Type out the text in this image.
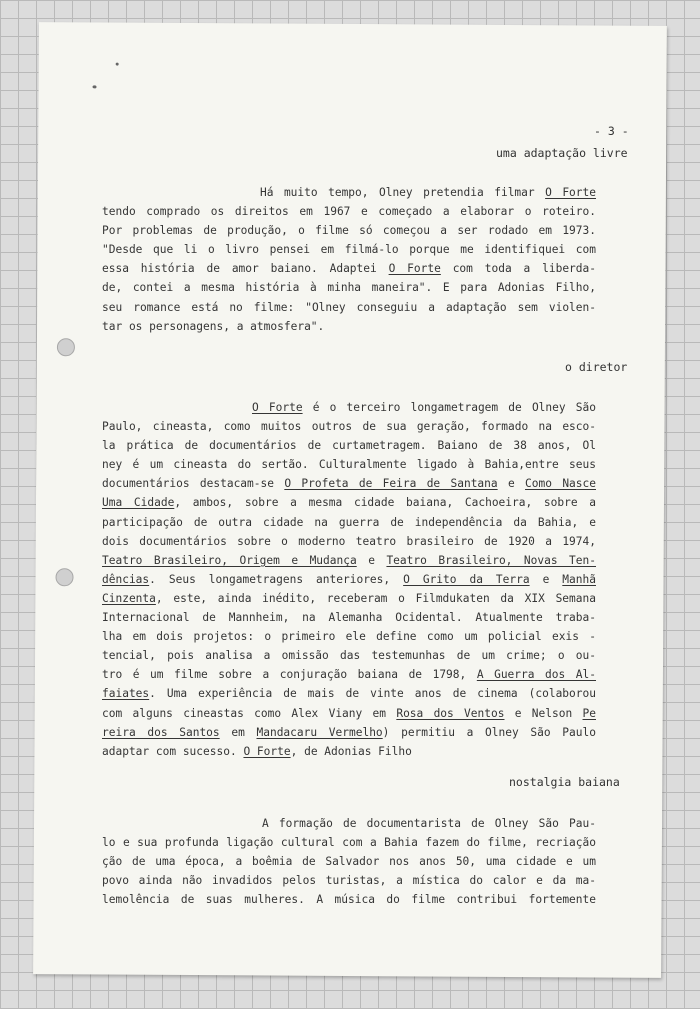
- 3 -
uma adaptação livre
Há muito tempo, Olney pretendia filmar O Forte
tendo comprado os direitos em 1967 e começado a elaborar o roteiro.
Por problemas de produção, o filme só começou a ser rodado em 1973.
"Desde que li o livro pensei em filmá-lo porque me identifiquei com
essa história de amor baiano. Adaptei O Forte com toda a liberda-
de, contei a mesma história à minha maneira". E para Adonias Filho,
seu romance está no filme: "Olney conseguiu a adaptação sem violen-
tar os personagens, a atmosfera".
o diretor
O Forte é o terceiro longametragem de Olney São
Paulo, cineasta, como muitos outros de sua geração, formado na esco-
la prática de documentários de curtametragem. Baiano de 38 anos, Ol
ney é um cineasta do sertão. Culturalmente ligado à Bahia,entre seus
documentários destacam-se O Profeta de Feira de Santana e Como Nasce
Uma Cidade, ambos, sobre a mesma cidade baiana, Cachoeira, sobre a
participação de outra cidade na guerra de independência da Bahia, e
dois documentários sobre o moderno teatro brasileiro de 1920 a 1974,
Teatro Brasileiro, Origem e Mudança e Teatro Brasileiro, Novas Ten-
dências. Seus longametragens anteriores, O Grito da Terra e Manhã
Cinzenta, este, ainda inédito, receberam o Filmdukaten da XIX Semana
Internacional de Mannheim, na Alemanha Ocidental. Atualmente traba-
lha em dois projetos: o primeiro ele define como um policial exis -
tencial, pois analisa a omissão das testemunhas de um crime; o ou-
tro é um filme sobre a conjuração baiana de 1798, A Guerra dos Al-
faiates. Uma experiência de mais de vinte anos de cinema (colaborou
com alguns cineastas como Alex Viany em Rosa dos Ventos e Nelson Pe
reira dos Santos em Mandacaru Vermelho) permitiu a Olney São Paulo
adaptar com sucesso. O Forte, de Adonias Filho
nostalgia baiana
A formação de documentarista de Olney São Pau-
lo e sua profunda ligação cultural com a Bahia fazem do filme, recriação
ção de uma época, a boêmia de Salvador nos anos 50, uma cidade e um
povo ainda não invadidos pelos turistas, a mística do calor e da ma-
lemolência de suas mulheres. A música do filme contribui fortemente
